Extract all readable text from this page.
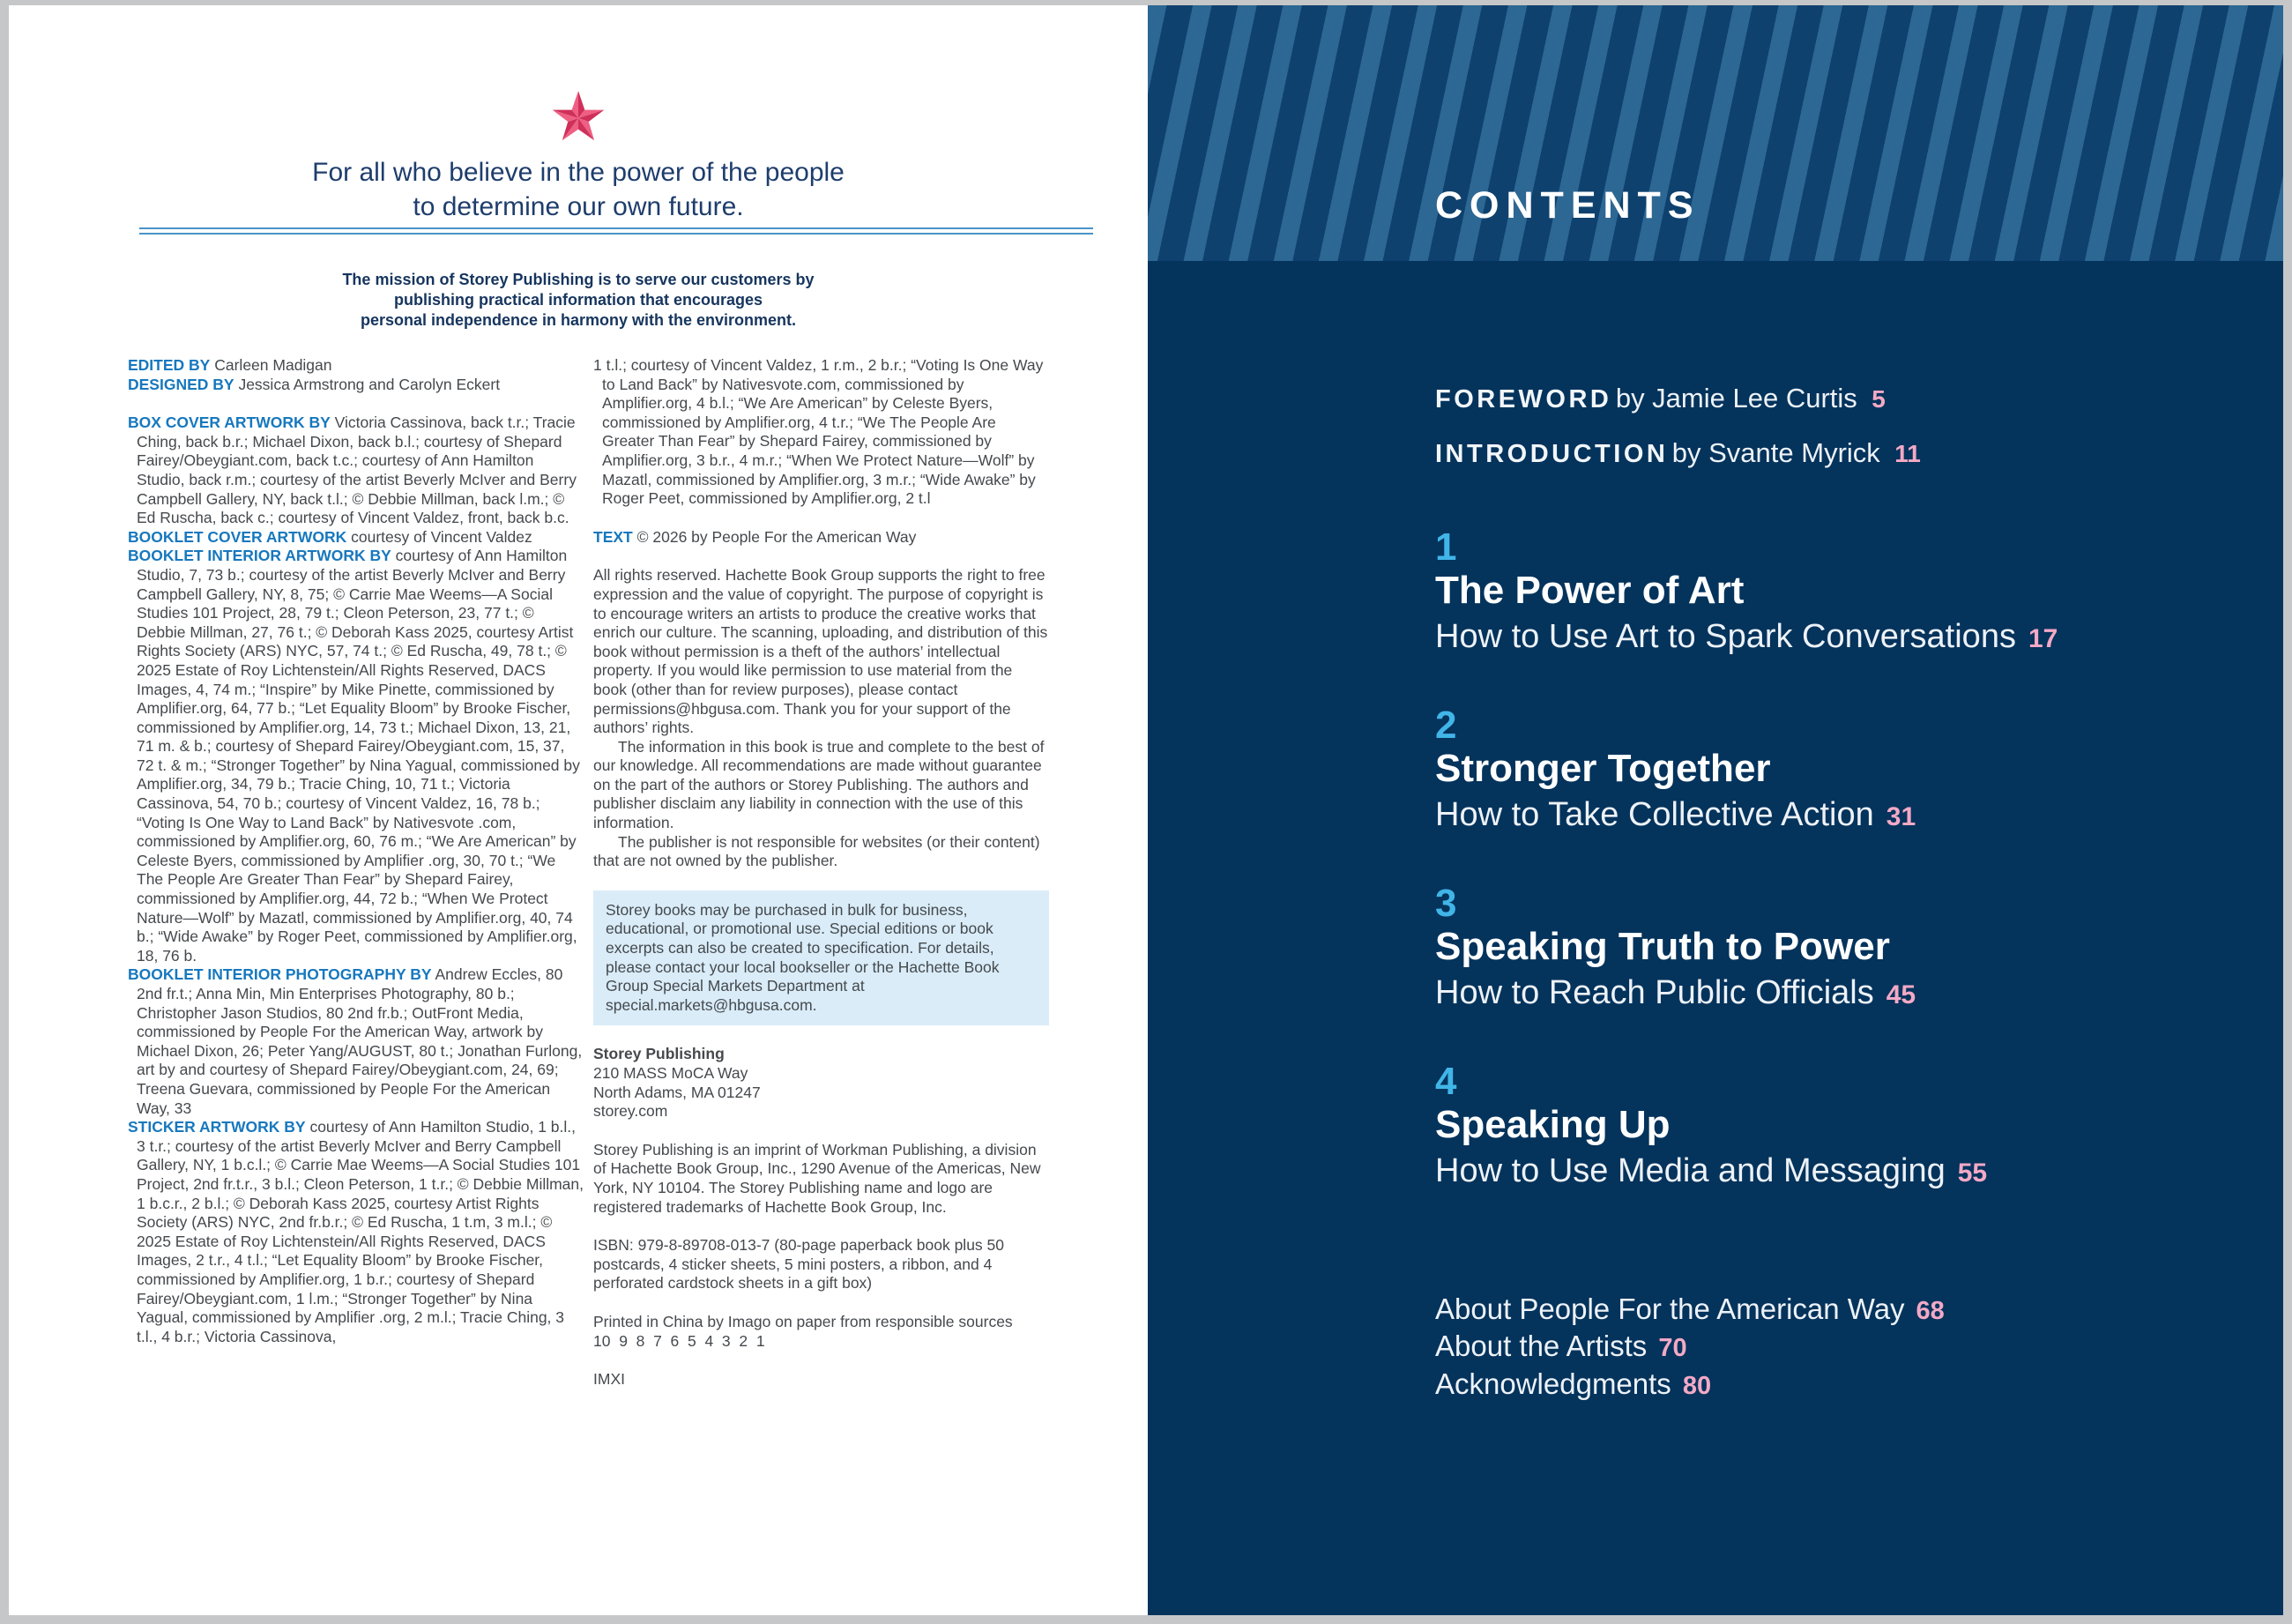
For all who believe in the power of the people
to determine our own future.
The mission of Storey Publishing is to serve our customers by
publishing practical information that encourages
personal independence in harmony with the environment.

EDITED BY Carleen Madigan

DESIGNED BY Jessica Armstrong and Carolyn Eckert

BOX COVER ARTWORK BY Victoria Cassinova, back t.r.; Tracie Ching, back b.r.; Michael Dixon, back b.l.; courtesy of Shepard Fairey/Obeygiant.com, back t.c.; courtesy of Ann Hamilton Studio, back r.m.; courtesy of the artist Beverly McIver and Berry Campbell Gallery, NY, back t.l.; © Debbie Millman, back l.m.; © Ed Ruscha, back c.; courtesy of Vincent Valdez, front, back b.c.

BOOKLET COVER ARTWORK courtesy of Vincent Valdez

BOOKLET INTERIOR ARTWORK BY courtesy of Ann Hamilton Studio, 7, 73 b.; courtesy of the artist Beverly McIver and Berry Campbell Gallery, NY, 8, 75; © Carrie Mae Weems—A Social Studies 101 Project, 28, 79 t.; Cleon Peterson, 23, 77 t.; © Debbie Millman, 27, 76 t.; © Deborah Kass 2025, courtesy Artist Rights Society (ARS) NYC, 57, 74 t.; © Ed Ruscha, 49, 78 t.; © 2025 Estate of Roy Lichtenstein/All Rights Reserved, DACS Images, 4, 74 m.; “Inspire” by Mike Pinette, commissioned by Amplifier.org, 64, 77 b.; “Let Equality Bloom” by Brooke Fischer, commissioned by Amplifier.org, 14, 73 t.; Michael Dixon, 13, 21, 71 m. & b.; courtesy of Shepard Fairey/Obeygiant.com, 15, 37, 72 t. & m.; “Stronger Together” by Nina Yagual, commissioned by Amplifier.org, 34, 79 b.; Tracie Ching, 10, 71 t.; Victoria Cassinova, 54, 70 b.; courtesy of Vincent Valdez, 16, 78 b.; “Voting Is One Way to Land Back” by Nativesvote .com, commissioned by Amplifier.org, 60, 76 m.; “We Are American” by Celeste Byers, commissioned by Amplifier .org, 30, 70 t.; “We The People Are Greater Than Fear” by Shepard Fairey, commissioned by Amplifier.org, 44, 72 b.; “When We Protect Nature—Wolf” by Mazatl, commissioned by Amplifier.org, 40, 74 b.; “Wide Awake” by Roger Peet, commissioned by Amplifier.org, 18, 76 b.

BOOKLET INTERIOR PHOTOGRAPHY BY Andrew Eccles, 80 2nd fr.t.; Anna Min, Min Enterprises Photography, 80 b.; Christopher Jason Studios, 80 2nd fr.b.; OutFront Media, commissioned by People For the American Way, artwork by Michael Dixon, 26; Peter Yang/AUGUST, 80 t.; Jonathan Furlong, art by and courtesy of Shepard Fairey/Obeygiant.com, 24, 69; Treena Guevara, commissioned by People For the American Way, 33

STICKER ARTWORK BY courtesy of Ann Hamilton Studio, 1 b.l., 3 t.r.; courtesy of the artist Beverly McIver and Berry Campbell Gallery, NY, 1 b.c.l.; © Carrie Mae Weems—A Social Studies 101 Project, 2nd fr.t.r., 3 b.l.; Cleon Peterson, 1 t.r.; © Debbie Millman, 1 b.c.r., 2 b.l.; © Deborah Kass 2025, courtesy Artist Rights Society (ARS) NYC, 2nd fr.b.r.; © Ed Ruscha, 1 t.m, 3 m.l.; © 2025 Estate of Roy Lichtenstein/All Rights Reserved, DACS Images, 2 t.r., 4 t.l.; “Let Equality Bloom” by Brooke Fischer, commissioned by Amplifier.org, 1 b.r.; courtesy of Shepard Fairey/Obeygiant.com, 1 l.m.; “Stronger Together” by Nina Yagual, commissioned by Amplifier .org, 2 m.l.; Tracie Ching, 3 t.l., 4 b.r.; Victoria Cassinova,

1 t.l.; courtesy of Vincent Valdez, 1 r.m., 2 b.r.; “Voting Is One Way to Land Back” by Nativesvote.com, commissioned by Amplifier.org, 4 b.l.; “We Are American” by Celeste Byers, commissioned by Amplifier.org, 4 t.r.; “We The People Are Greater Than Fear” by Shepard Fairey, commissioned by Amplifier.org, 3 b.r., 4 m.r.; “When We Protect Nature—Wolf” by Mazatl, commissioned by Amplifier.org, 3 m.r.; “Wide Awake” by Roger Peet, commissioned by Amplifier.org, 2 t.l

TEXT © 2026 by People For the American Way

All rights reserved. Hachette Book Group supports the right to free expression and the value of copyright. The purpose of copyright is to encourage writers an artists to produce the creative works that enrich our culture. The scanning, uploading, and distribution of this book without permission is a theft of the authors’ intellectual property. If you would like permission to use material from the book (other than for review purposes), please contact permissions@hbgusa.com. Thank you for your support of the authors’ rights.

The information in this book is true and complete to the best of our knowledge. All recommendations are made without guarantee on the part of the authors or Storey Publishing. The authors and publisher disclaim any liability in connection with the use of this information.

The publisher is not responsible for websites (or their content) that are not owned by the publisher.

Storey books may be purchased in bulk for business, educational, or promotional use. Special editions or book excerpts can also be created to specification. For details, please contact your local bookseller or the Hachette Book Group Special Markets Department at special.markets@hbgusa.com.

Storey Publishing

210 MASS MoCA Way

North Adams, MA 01247

storey.com

Storey Publishing is an imprint of Workman Publishing, a division of Hachette Book Group, Inc., 1290 Avenue of the Americas, New York, NY 10104. The Storey Publishing name and logo are registered trademarks of Hachette Book Group, Inc.

ISBN: 979-8-89708-013-7 (80-page paperback book plus 50 postcards, 4 sticker sheets, 5 mini posters, a ribbon, and 4 perforated cardstock sheets in a gift box)

Printed in China by Imago on paper from responsible sources

10  9  8  7  6  5  4  3  2  1

IMXI

CONTENTS
FOREWORD by Jamie Lee Curtis 5
INTRODUCTION by Svante Myrick 11
1
The Power of Art
How to Use Art to Spark Conversations 17
2
Stronger Together
How to Take Collective Action 31
3
Speaking Truth to Power
How to Reach Public Officials 45
4
Speaking Up
How to Use Media and Messaging 55
About People For the American Way 68
About the Artists 70
Acknowledgments 80
